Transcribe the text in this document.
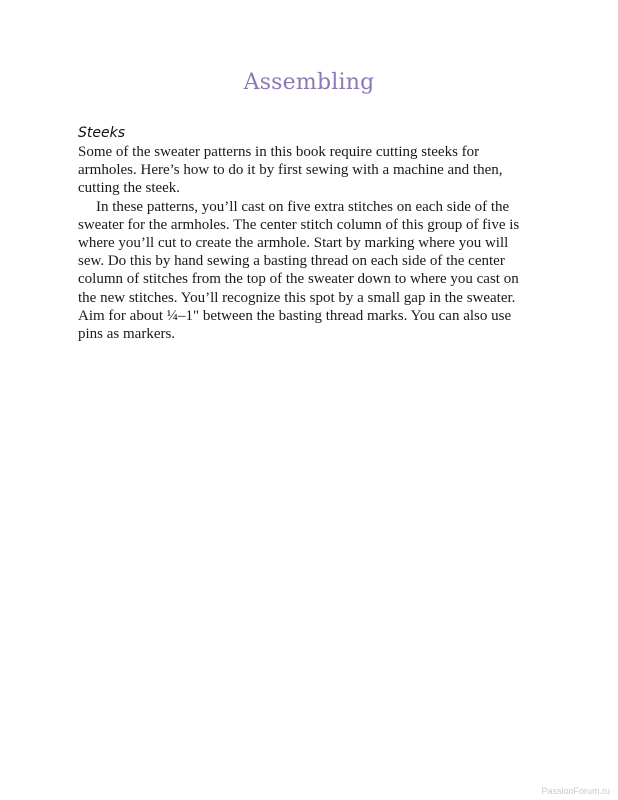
Assembling
Steeks

Some of the sweater patterns in this book require cutting steeks for armholes. Here’s how to do it by first sewing with a machine and then, cutting the steek.

In these patterns, you’ll cast on five extra stitches on each side of the sweater for the armholes. The center stitch column of this group of five is where you’ll cut to create the armhole. Start by marking where you will sew. Do this by hand sewing a basting thread on each side of the center column of stitches from the top of the sweater down to where you cast on the new stitches. You’ll recognize this spot by a small gap in the sweater. Aim for about ¼–1" between the basting thread marks. You can also use pins as markers.

PassionForum.ru
